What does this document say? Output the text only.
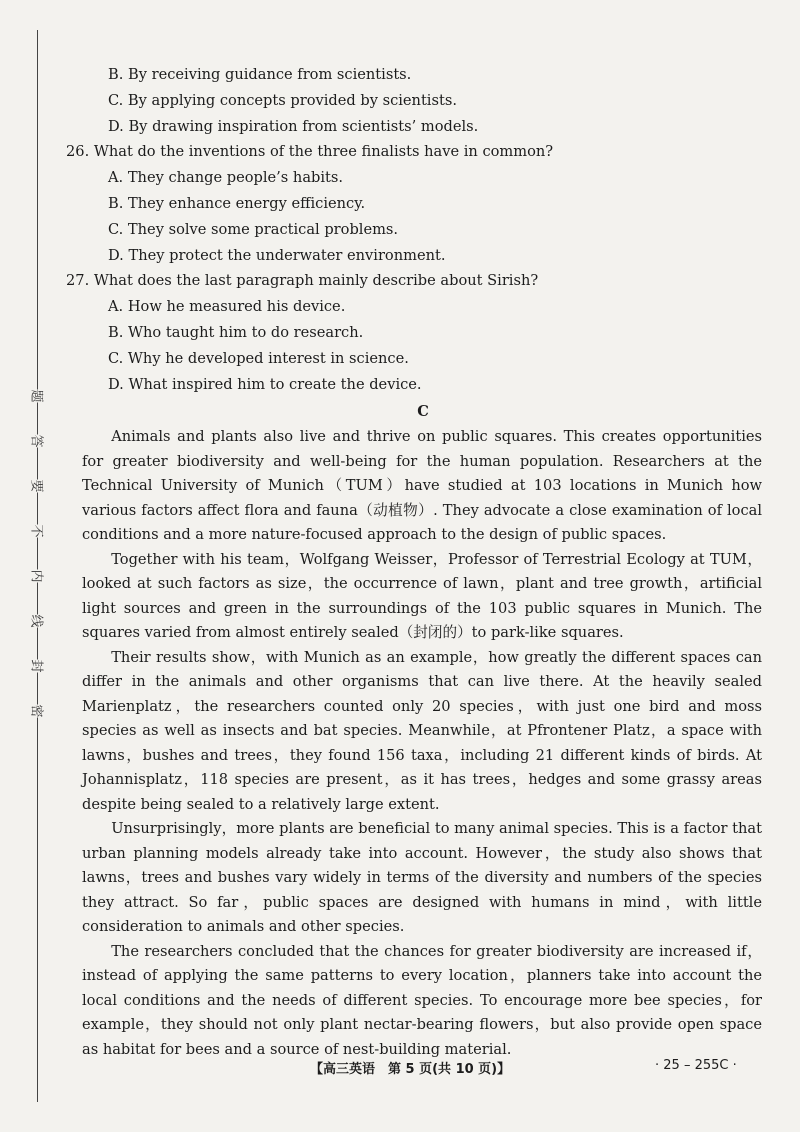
题
答
要
不
内
线
封
密

B. By receiving guidance from scientists.

C. By applying concepts provided by scientists.

D. By drawing inspiration from scientists’ models.

26. What do the inventions of the three finalists have in common?

A. They change people’s habits.

B. They enhance energy efficiency.

C. They solve some practical problems.

D. They protect the underwater environment.

27. What does the last paragraph mainly describe about Sirish?

A. How he measured his device.

B. Who taught him to do research.

C. Why he developed interest in science.

D. What inspired him to create the device.

C

Animals and plants also live and thrive on public squares. This creates opportunities for greater biodiversity and well-being for the human population. Researchers at the Technical University of Munich（TUM）have studied at 103 locations in Munich how various factors affect flora and fauna（动植物）. They advocate a close examination of local conditions and a more nature-focused approach to the design of public spaces.

Together with his team，Wolfgang Weisser，Professor of Terrestrial Ecology at TUM，looked at such factors as size，the occurrence of lawn，plant and tree growth，artificial light sources and green in the surroundings of the 103 public squares in Munich. The squares varied from almost entirely sealed（封闭的）to park-like squares.

Their results show，with Munich as an example，how greatly the different spaces can differ in the animals and other organisms that can live there. At the heavily sealed Marienplatz，the researchers counted only 20 species，with just one bird and moss species as well as insects and bat species. Meanwhile，at Pfrontener Platz，a space with lawns，bushes and trees，they found 156 taxa，including 21 different kinds of birds. At Johannisplatz，118 species are present，as it has trees，hedges and some grassy areas despite being sealed to a relatively large extent.

Unsurprisingly，more plants are beneficial to many animal species. This is a factor that urban planning models already take into account. However，the study also shows that lawns，trees and bushes vary widely in terms of the diversity and numbers of the species they attract. So far，public spaces are designed with humans in mind，with little consideration to animals and other species.

The researchers concluded that the chances for greater biodiversity are increased if，instead of applying the same patterns to every location，planners take into account the local conditions and the needs of different species. To encourage more bee species，for example，they should not only plant nectar-bearing flowers，but also provide open space as habitat for bees and a source of nest-building material.

【高三英语　第 5 页(共 10 页)】	· 25 – 255C ·
